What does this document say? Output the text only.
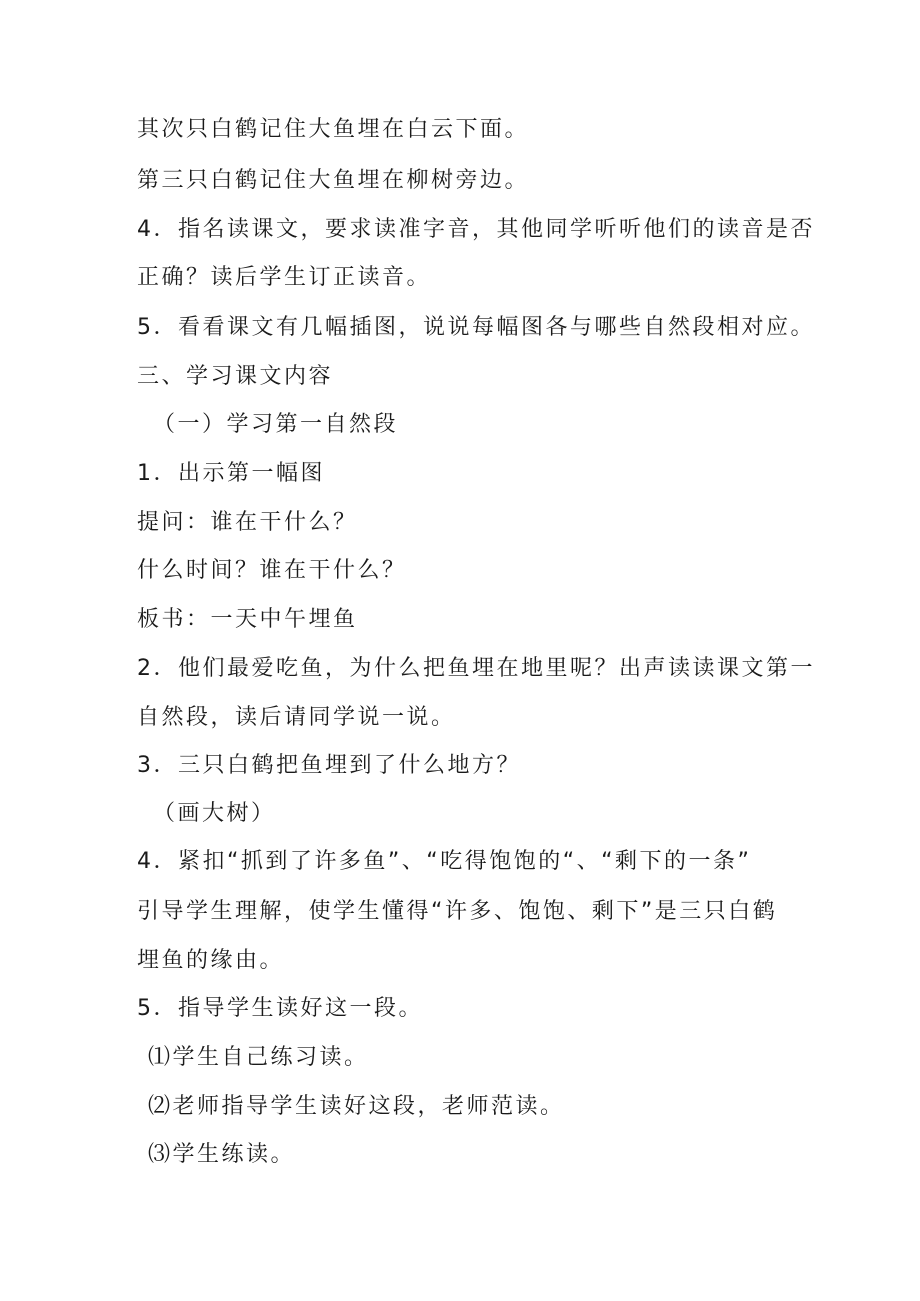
其次只白鹤记住大鱼埋在白云下面。
第三只白鹤记住大鱼埋在柳树旁边。
4．指名读课文，要求读准字音，其他同学听听他们的读音是否
正确？读后学生订正读音。
5．看看课文有几幅插图，说说每幅图各与哪些自然段相对应。
三、学习课文内容
（一）学习第一自然段
1．出示第一幅图
提问：谁在干什么？
什么时间？谁在干什么？
板书：一天中午埋鱼
2．他们最爱吃鱼，为什么把鱼埋在地里呢？出声读读课文第一
自然段，读后请同学说一说。
3．三只白鹤把鱼埋到了什么地方？
（画大树）
4．紧扣“抓到了许多鱼”、“吃得饱饱的“、“剩下的一条”
引导学生理解，使学生懂得“许多、饱饱、剩下”是三只白鹤
埋鱼的缘由。
5．指导学生读好这一段。
⑴学生自己练习读。
⑵老师指导学生读好这段，老师范读。
⑶学生练读。
